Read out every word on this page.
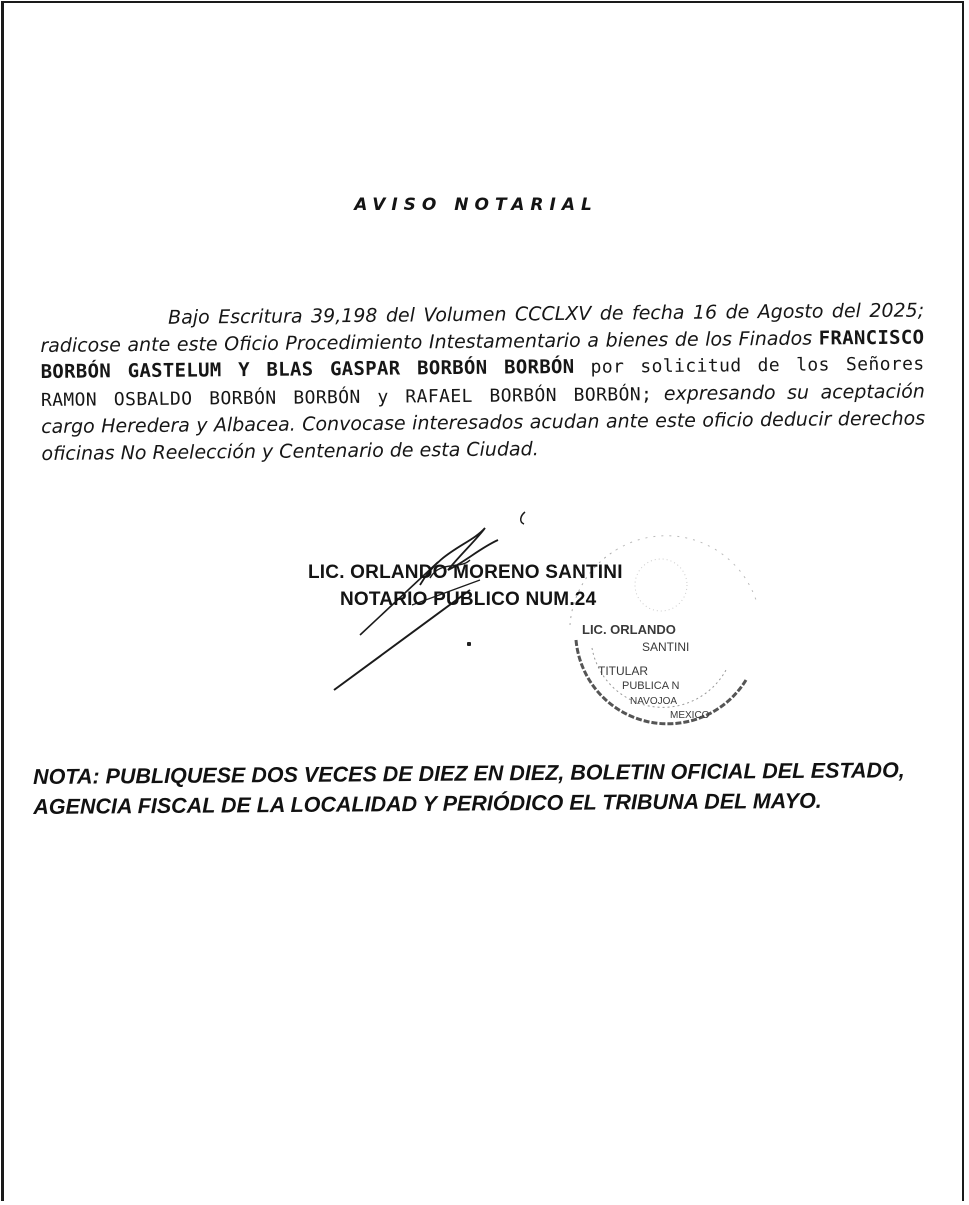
AVISO NOTARIAL
Bajo Escritura 39,198 del Volumen CCCLXV de fecha 16 de Agosto del 2025; radicose ante este Oficio Procedimiento Intestamentario a bienes de los Finados FRANCISCO BORBÓN GASTELUM Y BLAS GASPAR BORBÓN BORBÓN por solicitud de los Señores RAMON OSBALDO BORBÓN BORBÓN y RAFAEL BORBÓN BORBÓN; expresando su aceptación cargo Heredera y Albacea. Convocase interesados acudan ante este oficio deducir derechos oficinas No Reelección y Centenario de esta Ciudad.
LIC. ORLANDO
SANTINI
TITULAR
PUBLICA N
NAVOJOA
MEXICO
LIC. ORLANDO MORENO SANTINI
NOTARIO PUBLICO NUM.24
NOTA: PUBLIQUESE DOS VECES DE DIEZ EN DIEZ, BOLETIN OFICIAL DEL ESTADO, AGENCIA FISCAL DE LA LOCALIDAD Y PERIÓDICO EL TRIBUNA DEL MAYO.
